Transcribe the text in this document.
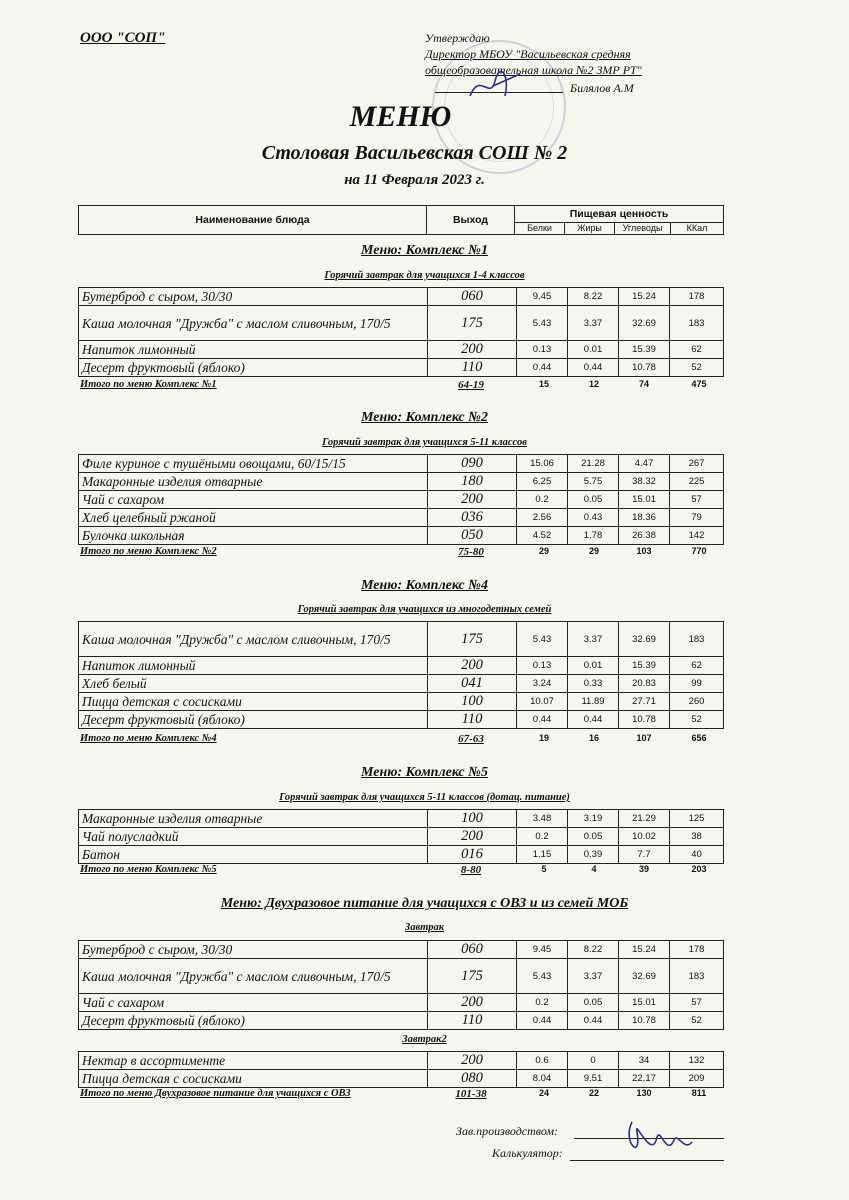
ООО "СОП"	Утверждаю
Директор МБОУ "Васильевская средняя
общеобразовательная школа №2 ЗМР РТ"
Билялов А.М
МЕНЮ
Столовая Васильевская СОШ № 2
на 11 Февраля 2023 г.
Наименование блюда	Выход	Пищевая ценность			
		Белки	Жиры	Углеводы	ККал
Меню: Комплекс №1
Горячий завтрак для учащихся 1-4 классов
Бутерброд с сыром, 30/30	060	9.45	8.22	15.24	178
Каша молочная "Дружба" с маслом сливочным, 170/5	175	5.43	3.37	32.69	183
Напиток лимонный	200	0.13	0.01	15.39	62
Десерт фруктовый (яблоко)	110	0.44	0.44	10.78	52
Итого по меню Комплекс №1	64-19	15	12	74	475
Меню: Комплекс №2
Горячий завтрак для учащихся 5-11 классов
Филе куриное с тушёными овощами, 60/15/15	090	15.06	21.28	4.47	267
Макаронные изделия отварные	180	6.25	5.75	38.32	225
Чай с сахаром	200	0.2	0.05	15.01	57
Хлеб целебный ржаной	036	2.56	0.43	18.36	79
Булочка школьная	050	4.52	1.78	26.38	142
Итого по меню Комплекс №2	75-80	29	29	103	770
Меню: Комплекс №4
Горячий завтрак для учащихся из многодетных семей
Каша молочная "Дружба" с маслом сливочным, 170/5	175	5.43	3.37	32.69	183
Напиток лимонный	200	0.13	0.01	15.39	62
Хлеб белый	041	3.24	0.33	20.83	99
Пицца детская с сосисками	100	10.07	11.89	27.71	260
Десерт фруктовый (яблоко)	110	0.44	0.44	10.78	52
Итого по меню Комплекс №4	67-63	19	16	107	656
Меню: Комплекс №5
Горячий завтрак для учащихся 5-11 классов (дотац. питание)
Макаронные изделия отварные	100	3.48	3.19	21.29	125
Чай полусладкий	200	0.2	0.05	10.02	38
Батон	016	1.15	0.39	7.7	40
Итого по меню Комплекс №5	8-80	5	4	39	203
Меню: Двухразовое питание для учащихся с ОВЗ и из семей МОБ
Завтрак
Бутерброд с сыром, 30/30	060	9.45	8.22	15.24	178
Каша молочная "Дружба" с маслом сливочным, 170/5	175	5.43	3.37	32.69	183
Чай с сахаром	200	0.2	0.05	15.01	57
Десерт фруктовый (яблоко)	110	0.44	0.44	10.78	52
Завтрак2
Нектар в ассортименте	200	0.6	0	34	132
Пицца детская с сосисками	080	8.04	9.51	22.17	209
Итого по меню Двухразовое питание для учащихся с ОВЗ	101-38	24	22	130	811
Зав.производством:
Калькулятор:
